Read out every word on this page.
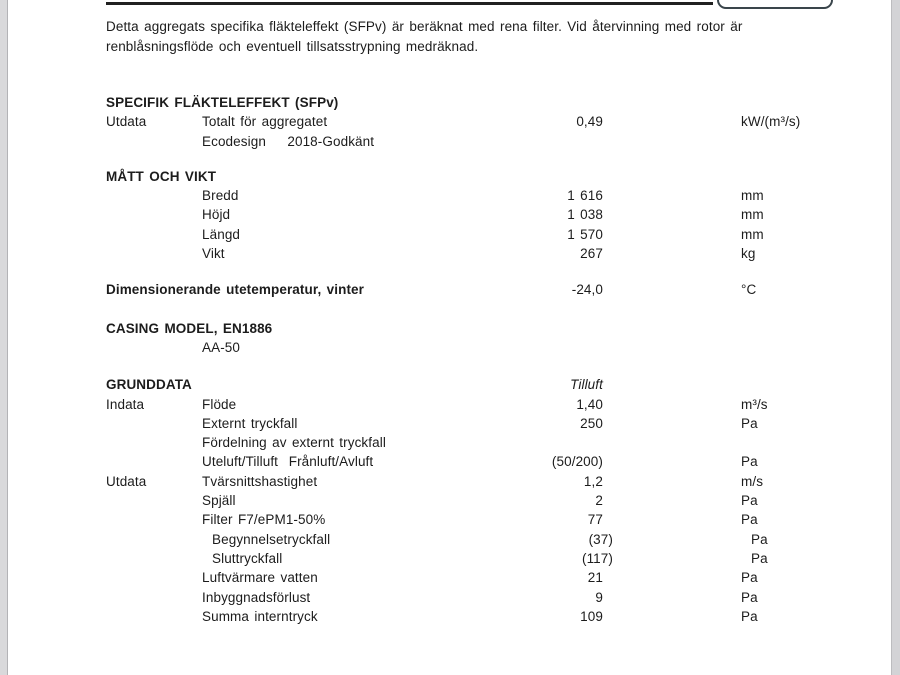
Detta aggregats specifika fläkteleffekt (SFPv) är beräknat med rena filter. Vid återvinning med rotor är
renblåsningsflöde och eventuell tillsatsstrypning medräknad.
SPECIFIK FLÄKTELEFFEKT (SFPv)
Utdata	Totalt för aggregatet	0,49	kW/(m³/s)
Ecodesign    2018-Godkänt
MÅTT OCH VIKT
Bredd	1 616	mm
Höjd	1 038	mm
Längd	1 570	mm
Vikt	267	kg
Dimensionerande utetemperatur, vinter	-24,0	°C
CASING MODEL, EN1886
AA-50
GRUNDDATA	Tilluft
Indata	Flöde	1,40	m³/s
Externt tryckfall	250	Pa
Fördelning av externt tryckfall
Uteluft/Tilluft  Frånluft/Avluft	(50/200)	Pa
Utdata	Tvärsnittshastighet	1,2	m/s
Spjäll	2	Pa
Filter F7/ePM1-50%	77	Pa
Begynnelsetryckfall	(37)	Pa
Sluttryckfall	(117)	Pa
Luftvärmare vatten	21	Pa
Inbyggnadsförlust	9	Pa
Summa interntryck	109	Pa
